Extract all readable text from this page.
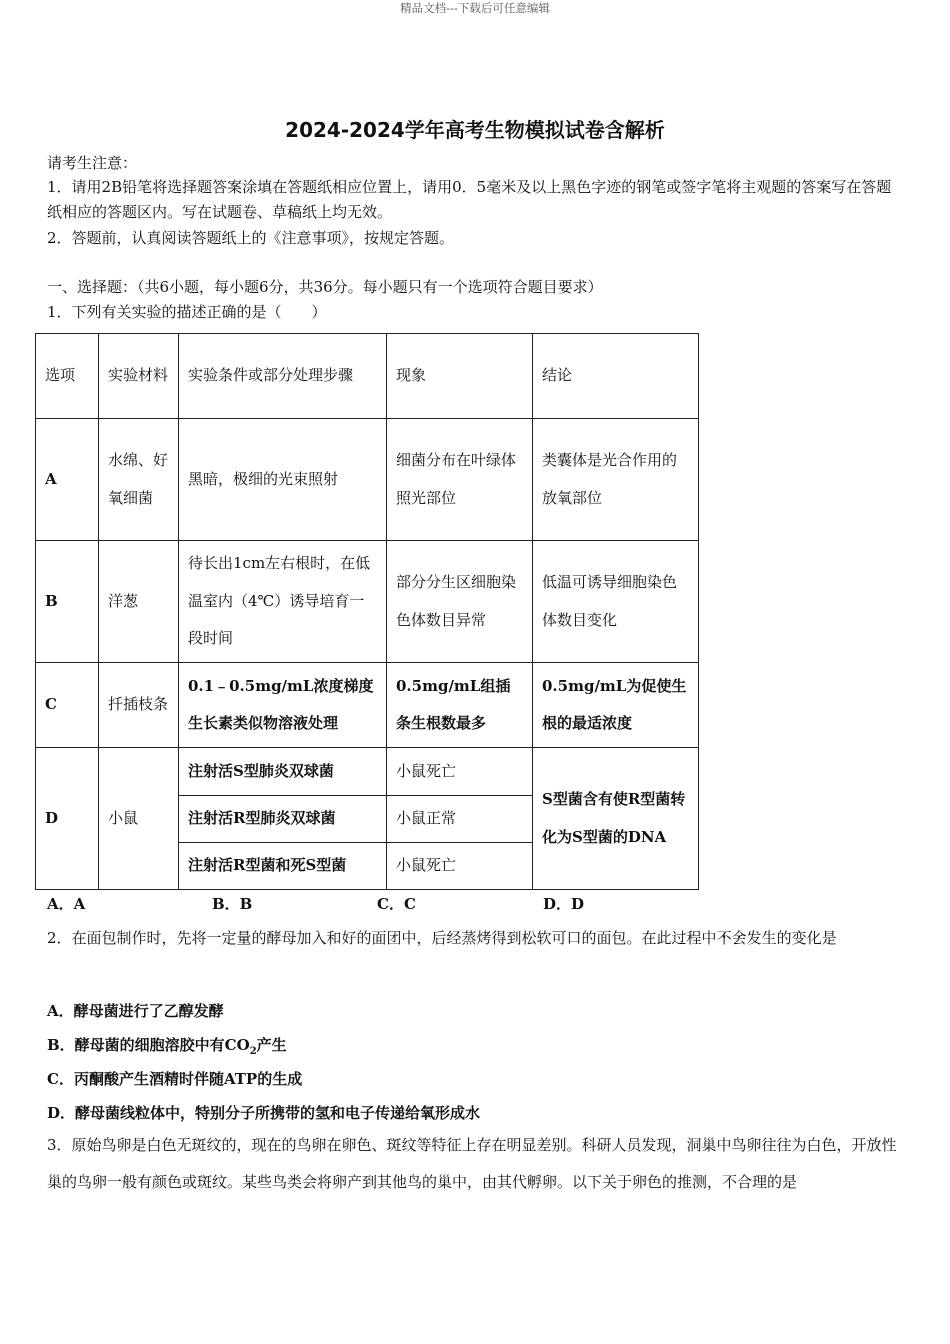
精品文档---下载后可任意编辑
2024-2024学年高考生物模拟试卷含解析
请考生注意：
1．请用2B铅笔将选择题答案涂填在答题纸相应位置上，请用0．5毫米及以上黑色字迹的钢笔或签字笔将主观题的答案写在答题纸相应的答题区内。写在试题卷、草稿纸上均无效。
2．答题前，认真阅读答题纸上的《注意事项》，按规定答题。
一、选择题：（共6小题，每小题6分，共36分。每小题只有一个选项符合题目要求）
1．下列有关实验的描述正确的是（　　）
选项	实验材料	实验条件或部分处理步骤	现象	结论
A	水绵、好氧细菌	黑暗，极细的光束照射	细菌分布在叶绿体照光部位	类囊体是光合作用的放氧部位
B	洋葱	待长出1cm左右根时，在低温室内（4℃）诱导培育一段时间	部分分生区细胞染色体数目异常	低温可诱导细胞染色体数目变化
C	扦插枝条	0.1﹣0.5mg/mL浓度梯度生长素类似物溶液处理	0.5mg/mL组插条生根数最多	0.5mg/mL为促使生根的最适浓度
D	小鼠	注射活S型肺炎双球菌	小鼠死亡	S型菌含有使R型菌转化为S型菌的DNA
		注射活R型肺炎双球菌	小鼠正常	
		注射活R型菌和死S型菌	小鼠死亡	
A．A	B．B	C．C	D．D
2．在面包制作时，先将一定量的酵母加入和好的面团中，后经蒸烤得到松软可口的面包。在此过程中不 •会 •发生的变化是
A．酵母菌进行了乙醇发酵
B．酵母菌的细胞溶胶中有$CO_2$产生
C．丙酮酸产生酒精时伴随ATP的生成
D．酵母菌线粒体中，特别分子所携带的氢和电子传递给氧形成水
3．原始鸟卵是白色无斑纹的，现在的鸟卵在卵色、斑纹等特征上存在明显差别。科研人员发现，洞巢中鸟卵往往为白色，开放性巢的鸟卵一般有颜色或斑纹。某些鸟类会将卵产到其他鸟的巢中，由其代孵卵。以下关于卵色的推测，不合理的是
